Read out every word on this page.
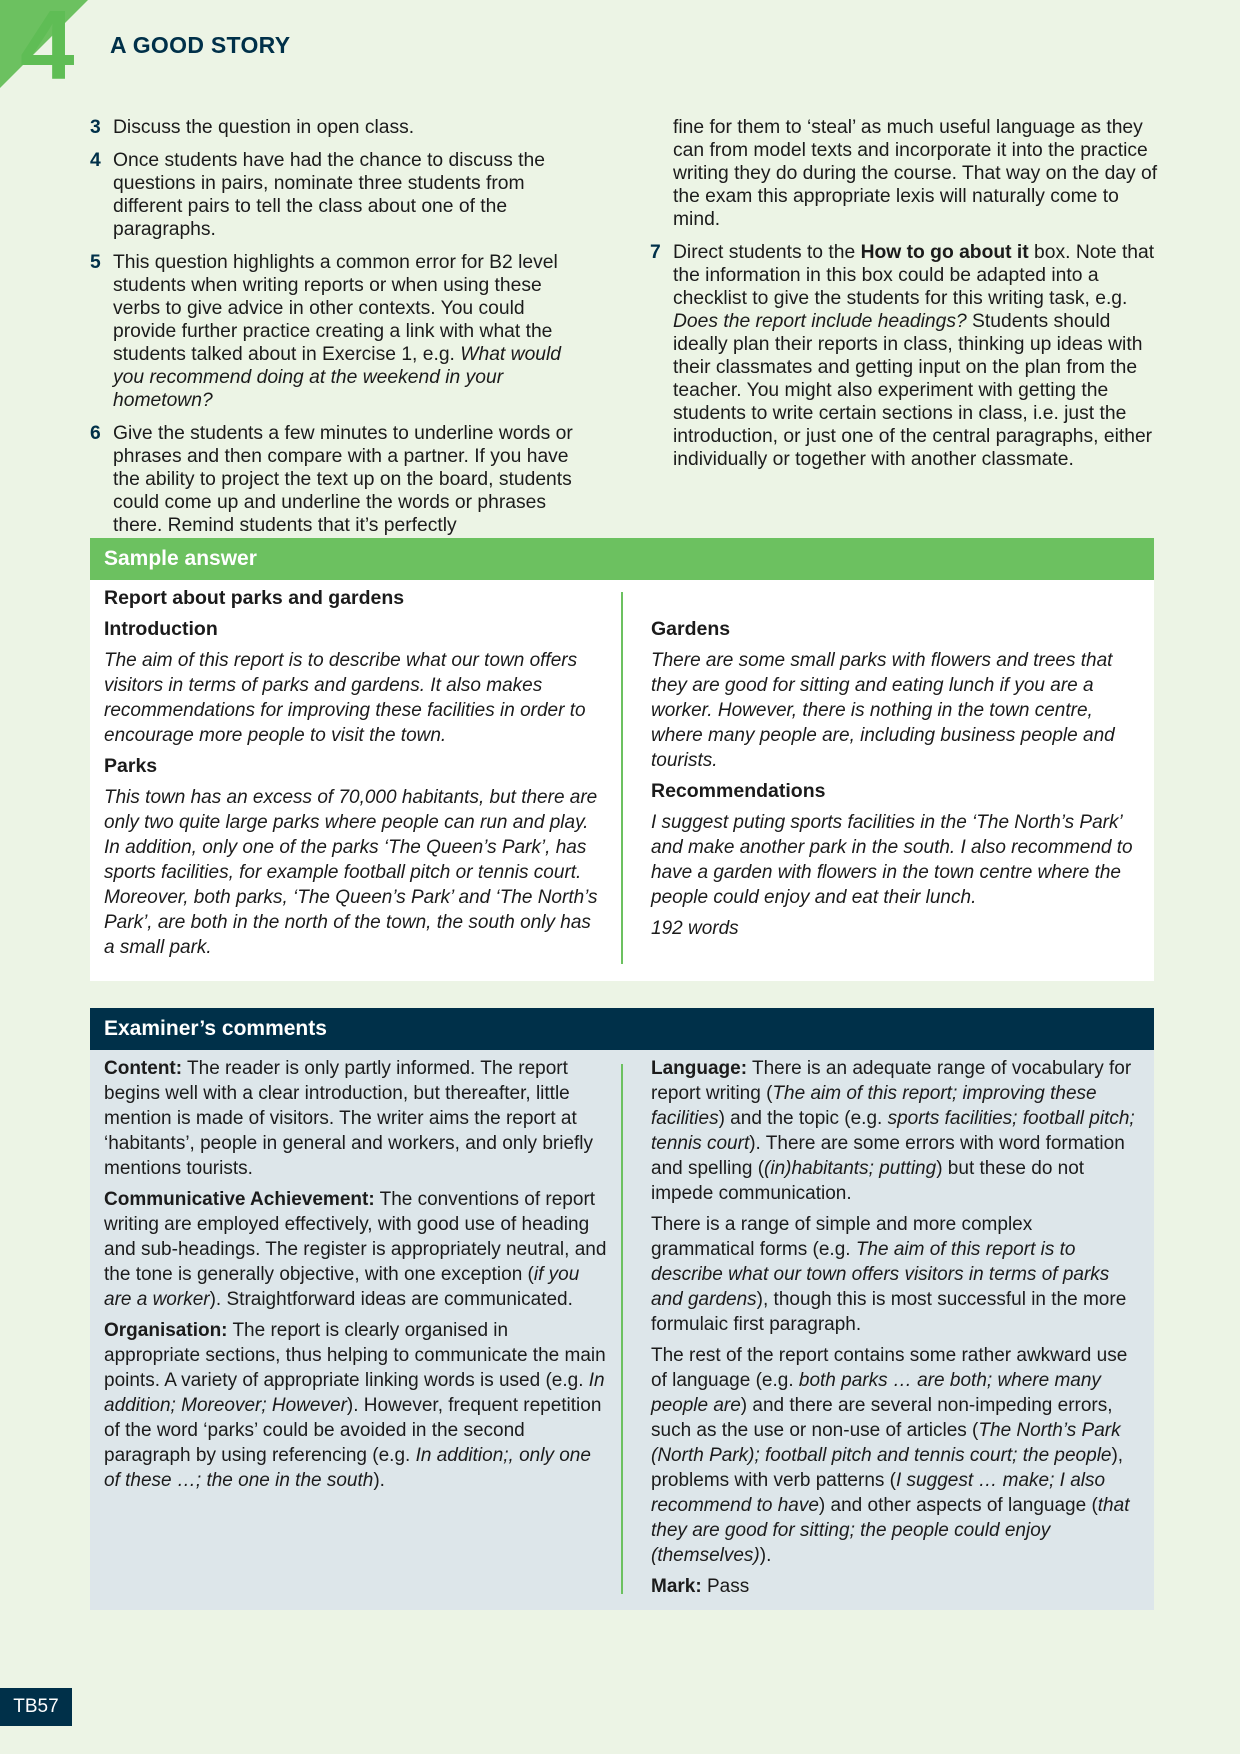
4 A GOOD STORY
3 Discuss the question in open class.
4 Once students have had the chance to discuss the questions in pairs, nominate three students from different pairs to tell the class about one of the paragraphs.
5 This question highlights a common error for B2 level students when writing reports or when using these verbs to give advice in other contexts. You could provide further practice creating a link with what the students talked about in Exercise 1, e.g. What would you recommend doing at the weekend in your hometown?
6 Give the students a few minutes to underline words or phrases and then compare with a partner. If you have the ability to project the text up on the board, students could come up and underline the words or phrases there. Remind students that it’s perfectly
fine for them to ‘steal’ as much useful language as they can from model texts and incorporate it into the practice writing they do during the course. That way on the day of the exam this appropriate lexis will naturally come to mind.
7 Direct students to the How to go about it box. Note that the information in this box could be adapted into a checklist to give the students for this writing task, e.g. Does the report include headings? Students should ideally plan their reports in class, thinking up ideas with their classmates and getting input on the plan from the teacher. You might also experiment with getting the students to write certain sections in class, i.e. just the introduction, or just one of the central paragraphs, either individually or together with another classmate.
Sample answer
Report about parks and gardens
Introduction

The aim of this report is to describe what our town offers visitors in terms of parks and gardens. It also makes recommendations for improving these facilities in order to encourage more people to visit the town.

Parks

This town has an excess of 70,000 habitants, but there are only two quite large parks where people can run and play. In addition, only one of the parks ‘The Queen’s Park’, has sports facilities, for example football pitch or tennis court. Moreover, both parks, ‘The Queen’s Park’ and ‘The North’s Park’, are both in the north of the town, the south only has a small park.

Gardens

There are some small parks with flowers and trees that they are good for sitting and eating lunch if you are a worker. However, there is nothing in the town centre, where many people are, including business people and tourists.

Recommendations

I suggest puting sports facilities in the ‘The North’s Park’ and make another park in the south. I also recommend to have a garden with flowers in the town centre where the people could enjoy and eat their lunch.

192 words

Examiner’s comments

Content: The reader is only partly informed. The report begins well with a clear introduction, but thereafter, little mention is made of visitors. The writer aims the report at ‘habitants’, people in general and workers, and only briefly mentions tourists.

Communicative Achievement: The conventions of report writing are employed effectively, with good use of heading and sub-headings. The register is appropriately neutral, and the tone is generally objective, with one exception (if you are a worker). Straightforward ideas are communicated.

Organisation: The report is clearly organised in appropriate sections, thus helping to communicate the main points. A variety of appropriate linking words is used (e.g. In addition; Moreover; However). However, frequent repetition of the word ‘parks’ could be avoided in the second paragraph by using referencing (e.g. In addition;, only one of these …; the one in the south).

Language: There is an adequate range of vocabulary for report writing (The aim of this report; improving these facilities) and the topic (e.g. sports facilities; football pitch; tennis court). There are some errors with word formation and spelling ((in)habitants; putting) but these do not impede communication.

There is a range of simple and more complex grammatical forms (e.g. The aim of this report is to describe what our town offers visitors in terms of parks and gardens), though this is most successful in the more formulaic first paragraph.

The rest of the report contains some rather awkward use of language (e.g. both parks … are both; where many people are) and there are several non-impeding errors, such as the use or non-use of articles (The North’s Park (North Park); football pitch and tennis court; the people), problems with verb patterns (I suggest … make; I also recommend to have) and other aspects of language (that they are good for sitting; the people could enjoy (themselves)).

Mark: Pass

TB57
